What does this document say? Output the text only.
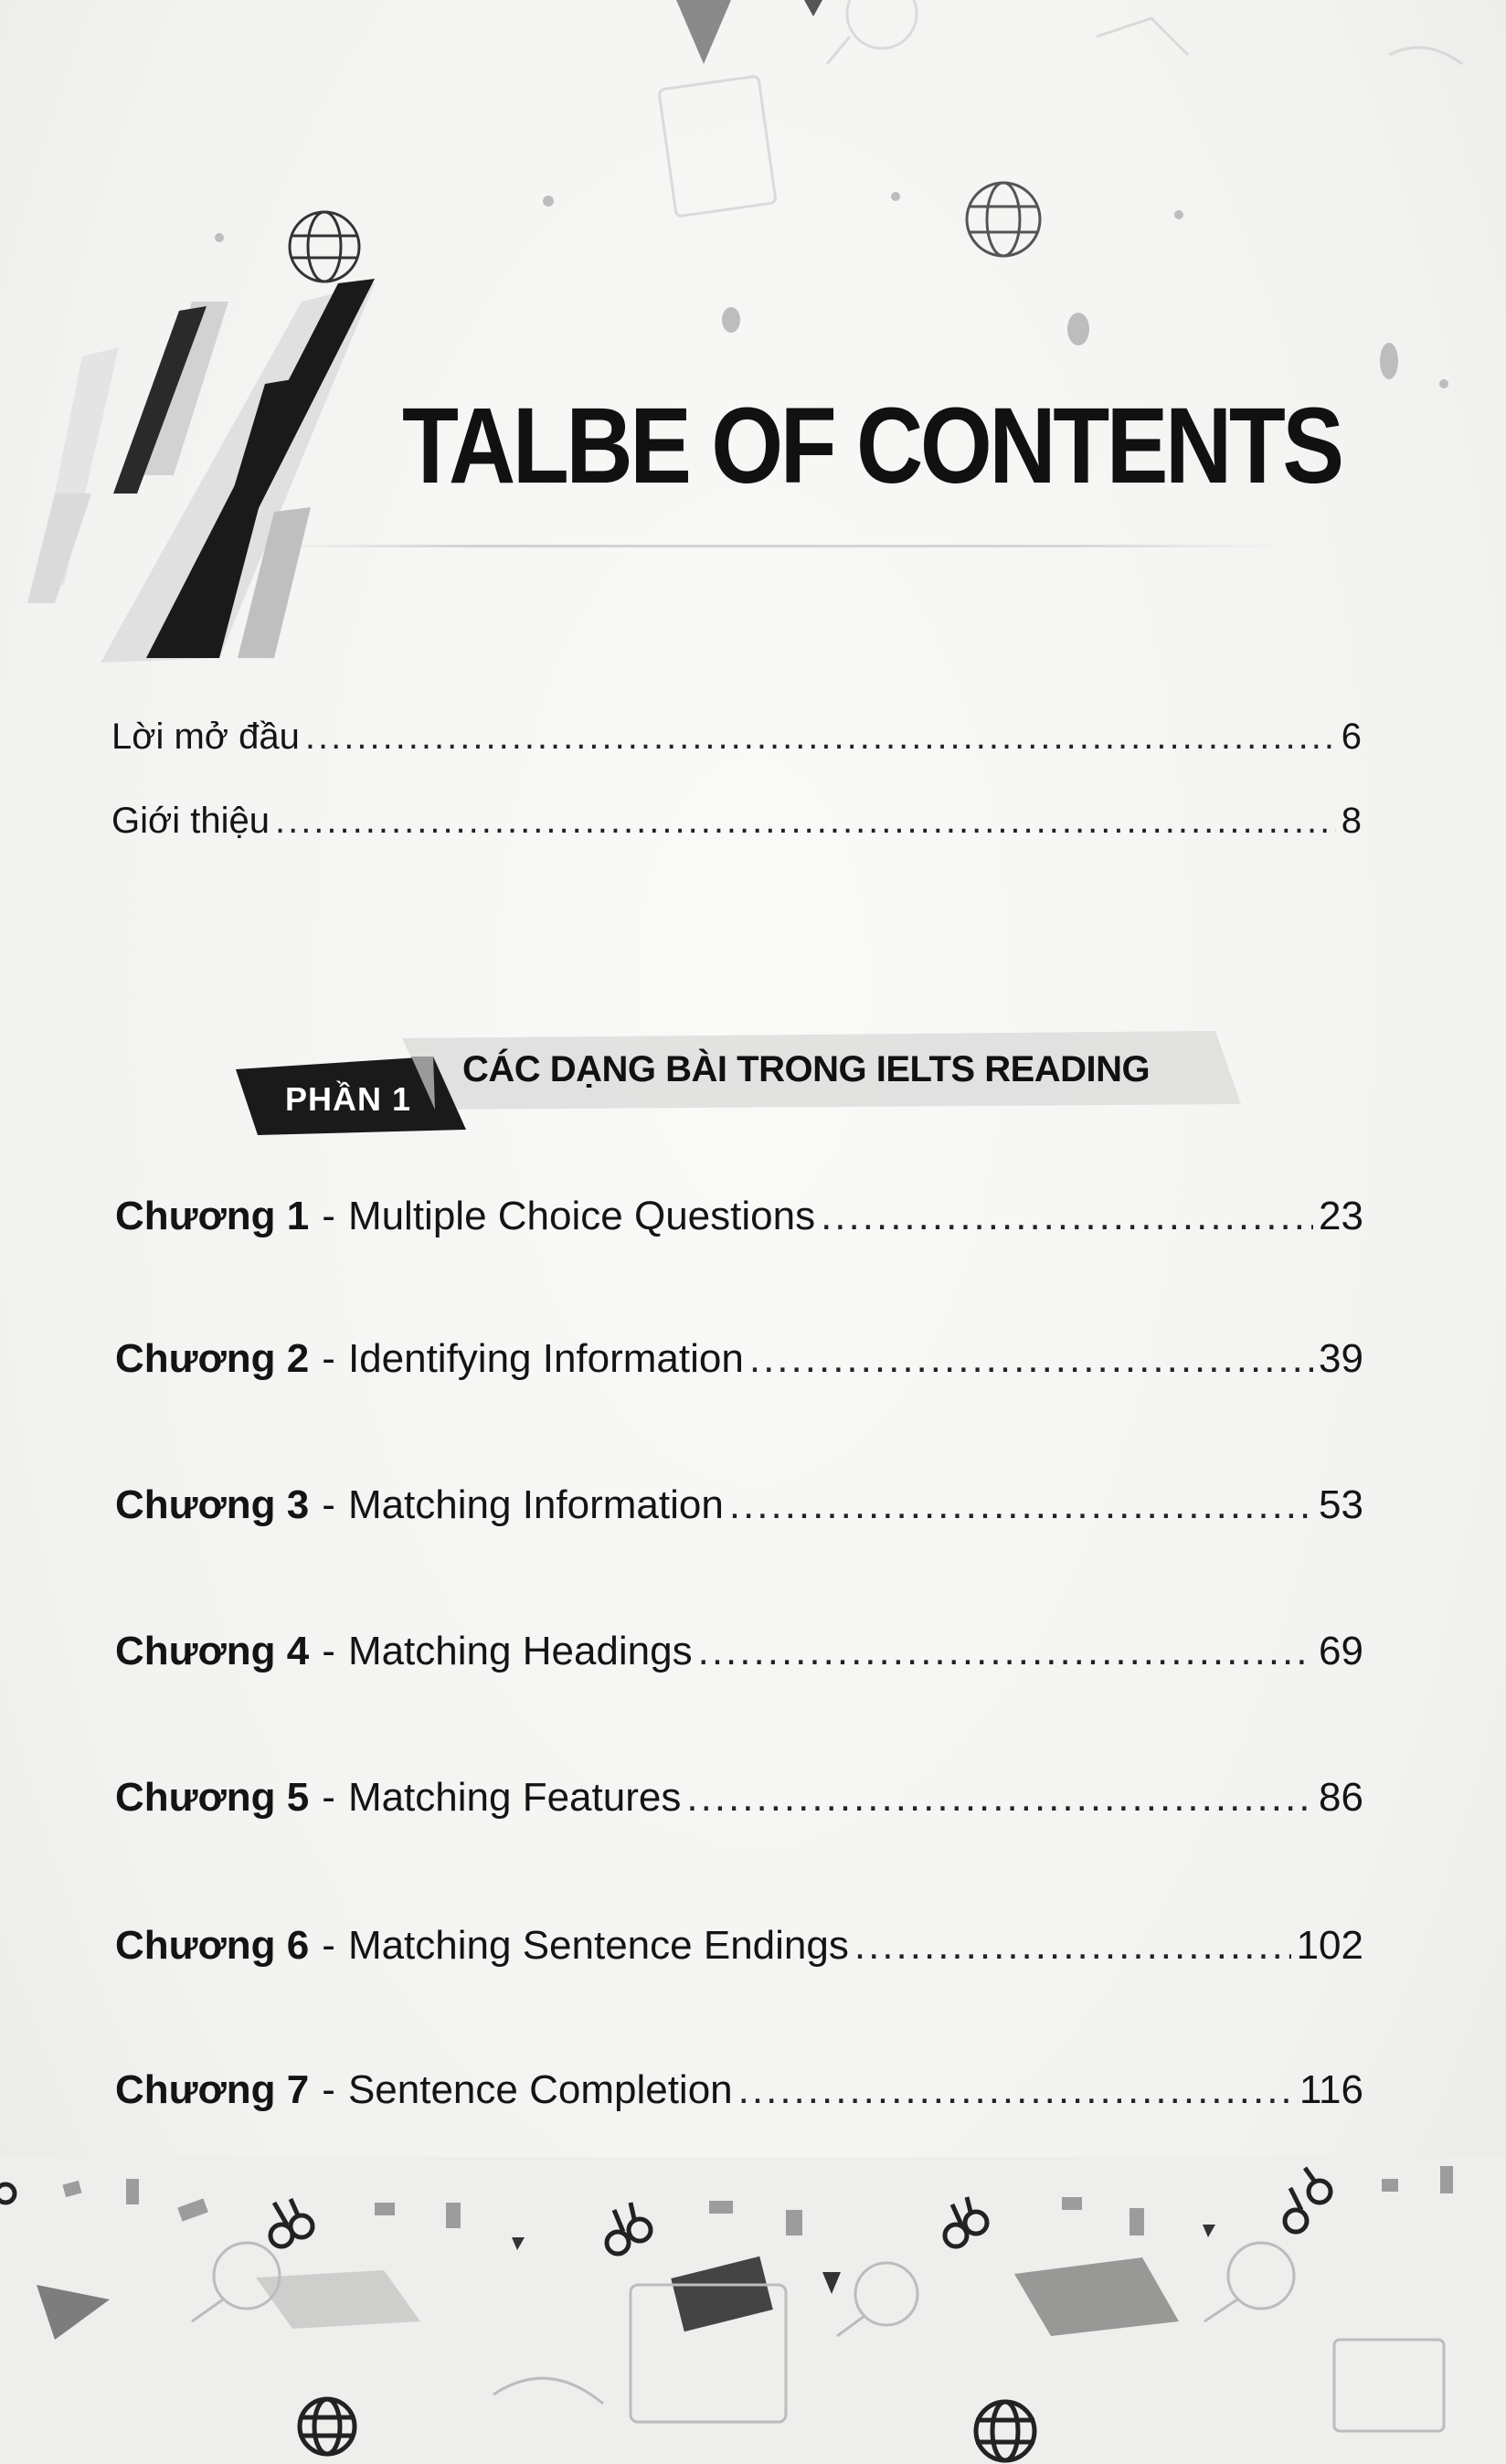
TALBE OF CONTENTS
Lời mở đầu .....	6
Giới thiệu .....	8
PHẦN 1
CÁC DẠNG BÀI TRONG IELTS READING
Chương 1 - Multiple Choice Questions .....	23
Chương 2 - Identifying Information .....	39
Chương 3 - Matching Information .....	53
Chương 4 - Matching Headings .....	69
Chương 5 - Matching Features .....	86
Chương 6 - Matching Sentence Endings .....	102
Chương 7 - Sentence Completion .....	116
